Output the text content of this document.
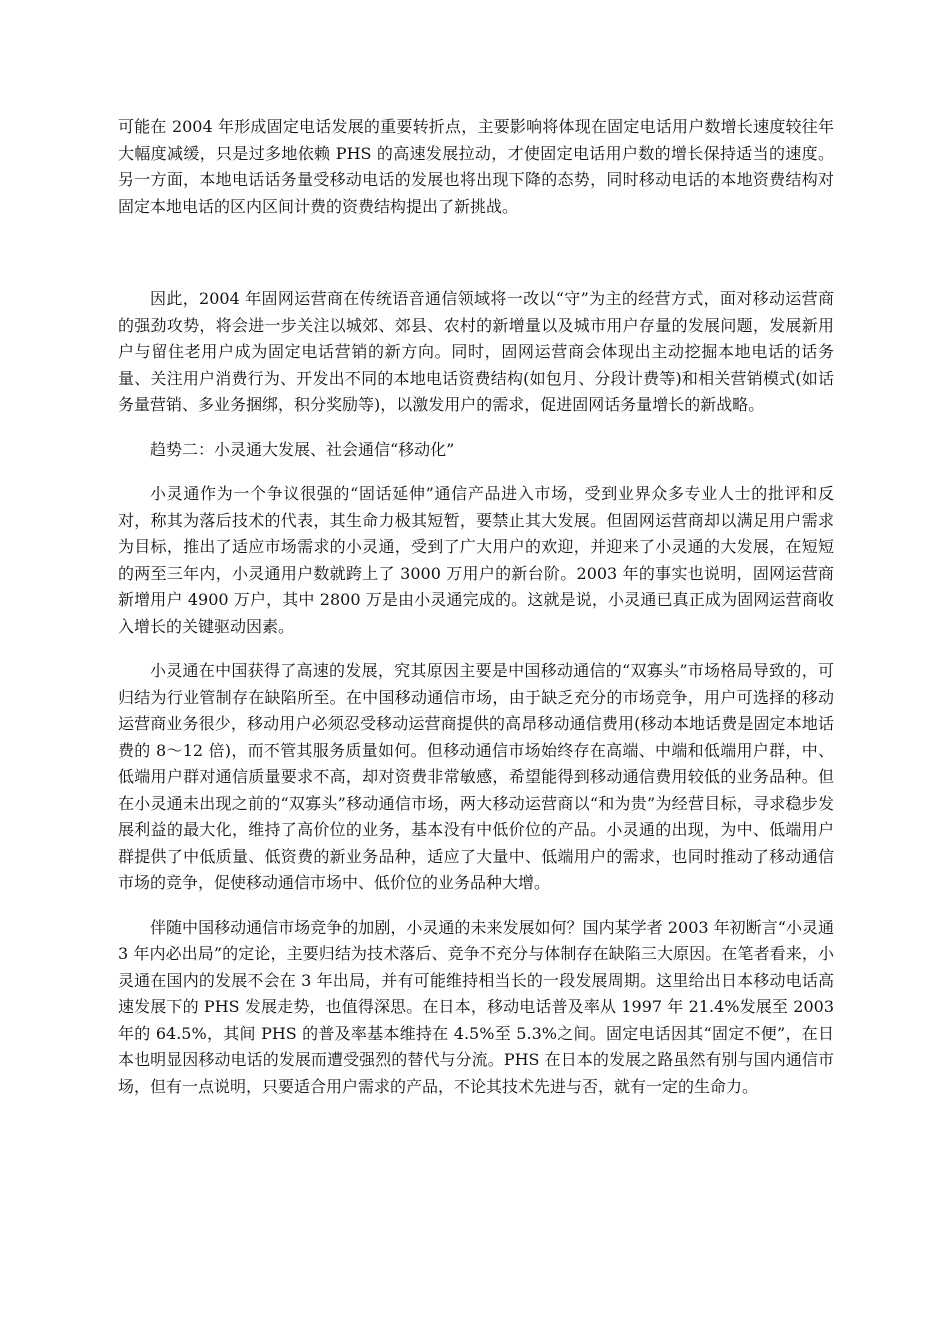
可能在 2004 年形成固定电话发展的重要转折点，主要影响将体现在固定电话用户数增长速度较往年大幅度减缓，只是过多地依赖 PHS 的高速发展拉动，才使固定电话用户数的增长保持适当的速度。另一方面，本地电话话务量受移动电话的发展也将出现下降的态势，同时移动电话的本地资费结构对固定本地电话的区内区间计费的资费结构提出了新挑战。

因此，2004 年固网运营商在传统语音通信领域将一改以“守”为主的经营方式，面对移动运营商的强劲攻势，将会进一步关注以城郊、郊县、农村的新增量以及城市用户存量的发展问题，发展新用户与留住老用户成为固定电话营销的新方向。同时，固网运营商会体现出主动挖掘本地电话的话务量、关注用户消费行为、开发出不同的本地电话资费结构(如包月、分段计费等)和相关营销模式(如话务量营销、多业务捆绑，积分奖励等)，以激发用户的需求，促进固网话务量增长的新战略。

趋势二：小灵通大发展、社会通信“移动化”

小灵通作为一个争议很强的“固话延伸”通信产品进入市场，受到业界众多专业人士的批评和反对，称其为落后技术的代表，其生命力极其短暂，要禁止其大发展。但固网运营商却以满足用户需求为目标，推出了适应市场需求的小灵通，受到了广大用户的欢迎，并迎来了小灵通的大发展，在短短的两至三年内，小灵通用户数就跨上了 3000 万用户的新台阶。2003 年的事实也说明，固网运营商新增用户 4900 万户，其中 2800 万是由小灵通完成的。这就是说，小灵通已真正成为固网运营商收入增长的关键驱动因素。

小灵通在中国获得了高速的发展，究其原因主要是中国移动通信的“双寡头”市场格局导致的，可归结为行业管制存在缺陷所至。在中国移动通信市场，由于缺乏充分的市场竞争，用户可选择的移动运营商业务很少，移动用户必须忍受移动运营商提供的高昂移动通信费用(移动本地话费是固定本地话费的 8～12 倍)，而不管其服务质量如何。但移动通信市场始终存在高端、中端和低端用户群，中、低端用户群对通信质量要求不高，却对资费非常敏感，希望能得到移动通信费用较低的业务品种。但在小灵通未出现之前的“双寡头”移动通信市场，两大移动运营商以“和为贵”为经营目标，寻求稳步发展利益的最大化，维持了高价位的业务，基本没有中低价位的产品。小灵通的出现，为中、低端用户群提供了中低质量、低资费的新业务品种，适应了大量中、低端用户的需求，也同时推动了移动通信市场的竞争，促使移动通信市场中、低价位的业务品种大增。

伴随中国移动通信市场竞争的加剧，小灵通的未来发展如何？国内某学者 2003 年初断言“小灵通 3 年内必出局”的定论，主要归结为技术落后、竞争不充分与体制存在缺陷三大原因。在笔者看来，小灵通在国内的发展不会在 3 年出局，并有可能维持相当长的一段发展周期。这里给出日本移动电话高速发展下的 PHS 发展走势，也值得深思。在日本，移动电话普及率从 1997 年 21.4%发展至 2003 年的 64.5%，其间 PHS 的普及率基本维持在 4.5%至 5.3%之间。固定电话因其“固定不便”，在日本也明显因移动电话的发展而遭受强烈的替代与分流。PHS 在日本的发展之路虽然有别与国内通信市场，但有一点说明，只要适合用户需求的产品，不论其技术先进与否，就有一定的生命力。
